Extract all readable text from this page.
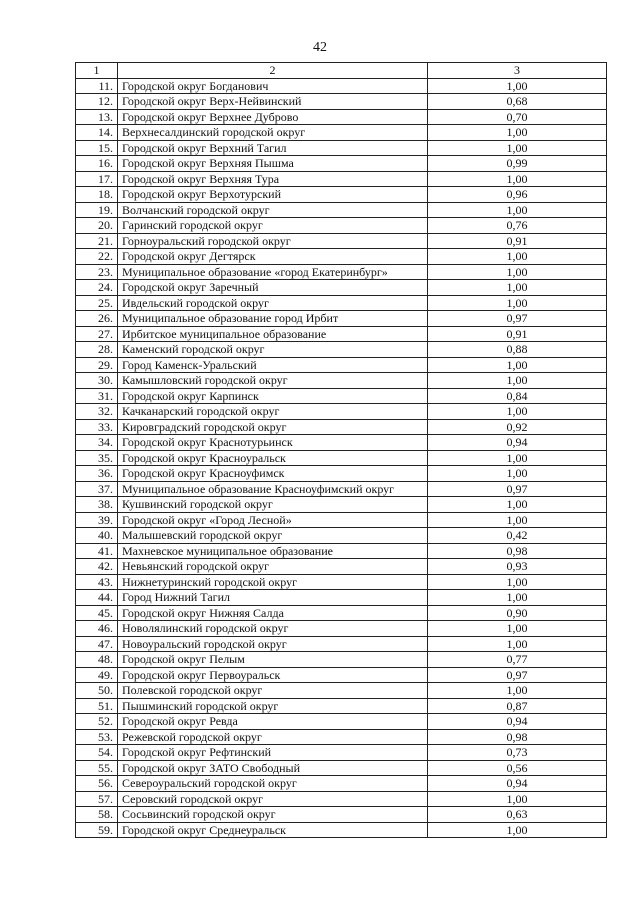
42
1	2	3
11.	Городской округ Богданович	1,00
12.	Городской округ Верх-Нейвинский	0,68
13.	Городской округ Верхнее Дуброво	0,70
14.	Верхнесалдинский городской округ	1,00
15.	Городской округ Верхний Тагил	1,00
16.	Городской округ Верхняя Пышма	0,99
17.	Городской округ Верхняя Тура	1,00
18.	Городской округ Верхотурский	0,96
19.	Волчанский городской округ	1,00
20.	Гаринский городской округ	0,76
21.	Горноуральский городской округ	0,91
22.	Городской округ Дегтярск	1,00
23.	Муниципальное образование «город Екатеринбург»	1,00
24.	Городской округ Заречный	1,00
25.	Ивдельский городской округ	1,00
26.	Муниципальное образование город Ирбит	0,97
27.	Ирбитское муниципальное образование	0,91
28.	Каменский городской округ	0,88
29.	Город Каменск-Уральский	1,00
30.	Камышловский городской округ	1,00
31.	Городской округ Карпинск	0,84
32.	Качканарский городской округ	1,00
33.	Кировградский городской округ	0,92
34.	Городской округ Краснотурьинск	0,94
35.	Городской округ Красноуральск	1,00
36.	Городской округ Красноуфимск	1,00
37.	Муниципальное образование Красноуфимский округ	0,97
38.	Кушвинский городской округ	1,00
39.	Городской округ «Город Лесной»	1,00
40.	Малышевский городской округ	0,42
41.	Махневское муниципальное образование	0,98
42.	Невьянский городской округ	0,93
43.	Нижнетуринский городской округ	1,00
44.	Город Нижний Тагил	1,00
45.	Городской округ Нижняя Салда	0,90
46.	Новолялинский городской округ	1,00
47.	Новоуральский городской округ	1,00
48.	Городской округ Пелым	0,77
49.	Городской округ Первоуральск	0,97
50.	Полевской городской округ	1,00
51.	Пышминский городской округ	0,87
52.	Городской округ Ревда	0,94
53.	Режевской городской округ	0,98
54.	Городской округ Рефтинский	0,73
55.	Городской округ ЗАТО Свободный	0,56
56.	Североуральский городской округ	0,94
57.	Серовский городской округ	1,00
58.	Сосьвинский городской округ	0,63
59.	Городской округ Среднеуральск	1,00
